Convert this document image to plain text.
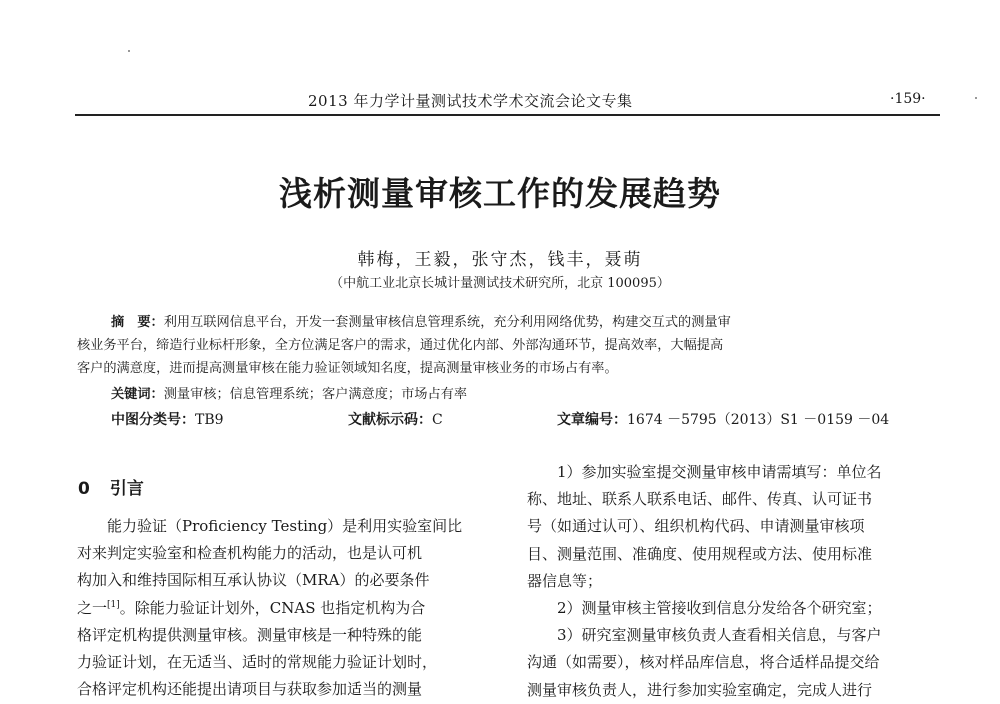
2013 年力学计量测试技术学术交流会论文专集	·159·
浅析测量审核工作的发展趋势
韩梅，王毅，张守杰，钱丰，聂萌
（中航工业北京长城计量测试技术研究所，北京 100095）
摘　要：利用互联网信息平台，开发一套测量审核信息管理系统，充分利用网络优势，构建交互式的测量审
核业务平台，缔造行业标杆形象，全方位满足客户的需求，通过优化内部、外部沟通环节，提高效率，大幅提高
客户的满意度，进而提高测量审核在能力验证领域知名度，提高测量审核业务的市场占有率。
关键词：测量审核；信息管理系统；客户满意度；市场占有率
中图分类号：TB9	文献标示码：C	文章编号：1674 －5795（2013）S1 －0159 －04
0 引言
　　能力验证（Proficiency Testing）是利用实验室间比
对来判定实验室和检查机构能力的活动，也是认可机
构加入和维持国际相互承认协议（MRA）的必要条件
之一[1]。除能力验证计划外，CNAS 也指定机构为合
格评定机构提供测量审核。测量审核是一种特殊的能
力验证计划，在无适当、适时的常规能力验证计划时，
合格评定机构还能提出请项目与获取参加适当的测量
　　1）参加实验室提交测量审核申请需填写：单位名
称、地址、联系人联系电话、邮件、传真、认可证书
号（如通过认可）、组织机构代码、申请测量审核项
目、测量范围、准确度、使用规程或方法、使用标准
器信息等；
　　2）测量审核主管接收到信息分发给各个研究室；
　　3）研究室测量审核负责人查看相关信息，与客户
沟通（如需要），核对样品库信息，将合适样品提交给
测量审核负责人，进行参加实验室确定，完成人进行
